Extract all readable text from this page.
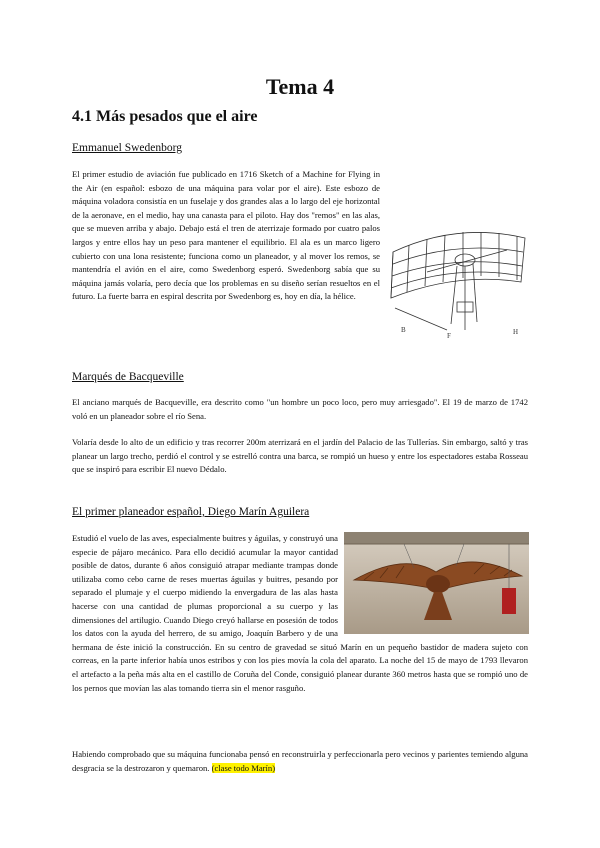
Tema 4
4.1 Más pesados que el aire
Emmanuel Swedenborg

El primer estudio de aviación fue publicado en 1716 Sketch of a Machine for Flying in the Air (en español: esbozo de una máquina para volar por el aire). Este esbozo de máquina voladora consistía en un fuselaje y dos grandes alas a lo largo del eje horizontal de la aeronave, en el medio, hay una canasta para el piloto. Hay dos "remos" en las alas, que se mueven arriba y abajo. Debajo está el tren de aterrizaje formado por cuatro palos largos y entre ellos hay un peso para mantener el equilibrio. El ala es un marco ligero cubierto con una lona resistente; funciona como un planeador, y al mover los remos, se mantendría el avión en el aire, como Swedenborg esperó. Swedenborg sabía que su máquina jamás volaría, pero decía que los problemas en su diseño serían resueltos en el futuro. La fuerte barra en espiral descrita por Swedenborg es, hoy en día, la hélice.

B	H
F
Marqués de Bacqueville

El anciano marqués de Bacqueville, era descrito como "un hombre un poco loco, pero muy arriesgado". El 19 de marzo de 1742 voló en un planeador sobre el río Sena.

Volaría desde lo alto de un edificio y tras recorrer 200m aterrizará en el jardín del Palacio de las Tullerías. Sin embargo, saltó y tras planear un largo trecho, perdió el control y se estrelló contra una barca, se rompió un hueso y entre los espectadores estaba Rosseau que se inspiró para escribir El nuevo Dédalo.

El primer planeador español, Diego Marín Aguilera

Estudió el vuelo de las aves, especialmente buitres y águilas, y construyó una especie de pájaro mecánico. Para ello decidió acumular la mayor cantidad posible de datos, durante 6 años consiguió atrapar mediante trampas donde utilizaba como cebo carne de reses muertas águilas y buitres, pesando por separado el plumaje y el cuerpo midiendo la envergadura de las alas hasta hacerse con una cantidad de plumas proporcional a su cuerpo y las dimensiones del artilugio. Cuando Diego creyó hallarse en posesión de todos los datos con la ayuda del herrero, de su amigo, Joaquín Barbero y de una hermana de éste inició la construcción. En su centro de gravedad se situó Marín en un pequeño bastidor de madera sujeto con correas, en la parte inferior había unos estribos y con los pies movía la cola del aparato. La noche del 15 de mayo de 1793 llevaron el artefacto a la peña más alta en el castillo de Coruña del Conde, consiguió planear durante 360 metros hasta que se rompió uno de los pernos que movían las alas tomando tierra sin el menor rasguño.

Habiendo comprobado que su máquina funcionaba pensó en reconstruirla y perfeccionarla pero vecinos y parientes temiendo alguna desgracia se la destrozaron y quemaron. (clase todo Marín)
